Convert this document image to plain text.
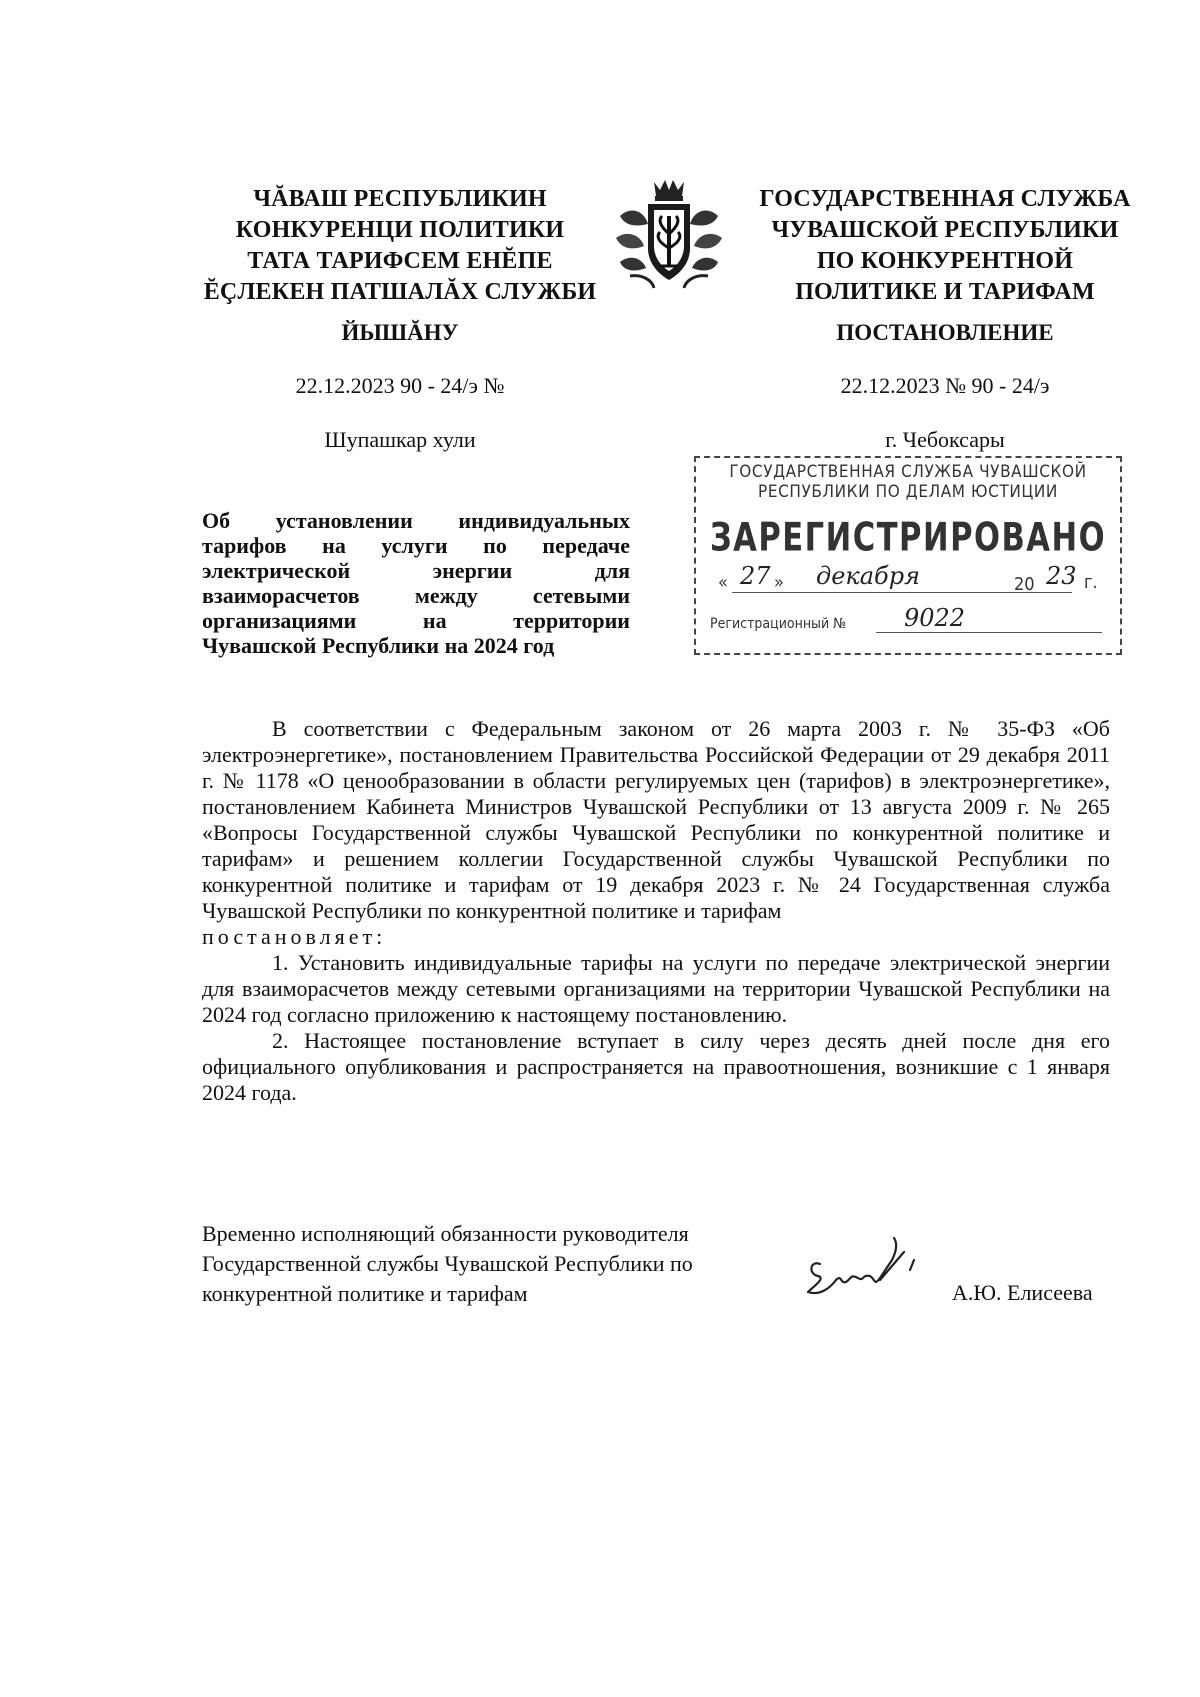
ЧĂВАШ РЕСПУБЛИКИН
КОНКУРЕНЦИ ПОЛИТИКИ
ТАТА ТАРИФСЕМ ЕНĔПЕ
ĔÇЛЕКЕН ПАТШАЛĂХ СЛУЖБИ
ГОСУДАРСТВЕННАЯ СЛУЖБА
ЧУВАШСКОЙ РЕСПУБЛИКИ
ПО КОНКУРЕНТНОЙ
ПОЛИТИКЕ И ТАРИФАМ
ЙЫШĂНУ	ПОСТАНОВЛЕНИЕ
22.12.2023 90 - 24/э №	22.12.2023 № 90 - 24/э
Шупашкар хули	г. Чебоксары
ГОСУДАРСТВЕННАЯ СЛУЖБА ЧУВАШСКОЙ
РЕСПУБЛИКИ ПО ДЕЛАМ ЮСТИЦИИ
ЗАРЕГИСТРИРОВАНО
« 27 » декабря	20 23 г.
Регистрационный № 9022
Об установлении индивидуальных
тарифов на услуги по передаче
электрической энергии для
взаиморасчетов между сетевыми
организациями на территории
Чувашской Республики на 2024 год

В соответствии с Федеральным законом от 26 марта 2003 г. № 35-ФЗ «Об электроэнергетике», постановлением Правительства Российской Федерации от 29 декабря 2011 г. № 1178 «О ценообразовании в области регулируемых цен (тарифов) в электроэнергетике», постановлением Кабинета Министров Чувашской Республики от 13 августа 2009 г. № 265 «Вопросы Государственной службы Чувашской Республики по конкурентной политике и тарифам» и решением коллегии Государственной службы Чувашской Республики по конкурентной политике и тарифам от 19 декабря 2023 г. № 24 Государственная служба Чувашской Республики по конкурентной политике и тарифам

постановляет:

1. Установить индивидуальные тарифы на услуги по передаче электрической энергии для взаиморасчетов между сетевыми организациями на территории Чувашской Республики на 2024 год согласно приложению к настоящему постановлению.

2. Настоящее постановление вступает в силу через десять дней после дня его официального опубликования и распространяется на правоотношения, возникшие с 1 января 2024 года.

Временно исполняющий обязанности руководителя
Государственной службы Чувашской Республики по
конкурентной политике и тарифам	А.Ю. Елисеева
